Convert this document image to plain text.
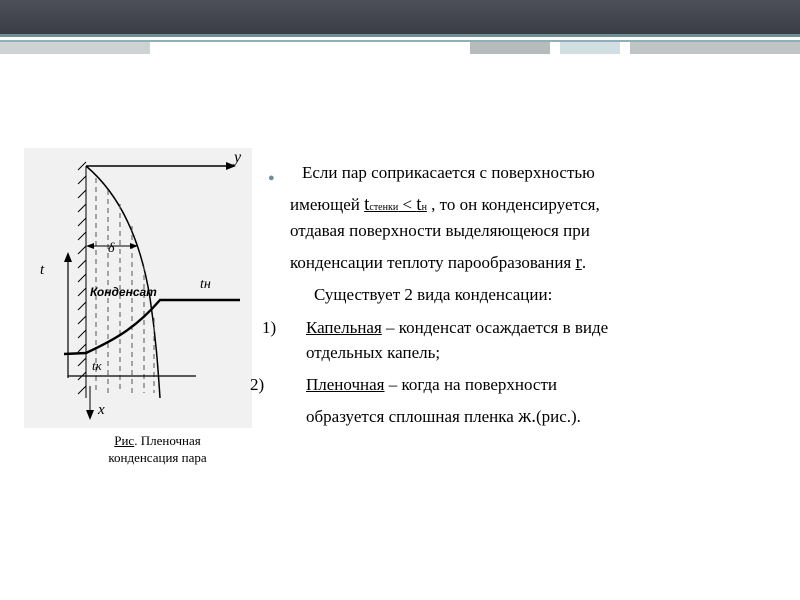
y
t
x
δ
Конденсат	tн
tк
Рис. Пленочная конденсация пара
● Если пар соприкасается с поверхностью
имеющей tстенки < tн , то он конденсируется,
отдавая поверхности выделяющеюся при
конденсации теплоту парообразования r.
Существует 2 вида конденсации:
1) Капельная – конденсат осаждается в виде
отдельных капель;
2) Пленочная – когда на поверхности
образуется сплошная пленка ж.(рис.).
